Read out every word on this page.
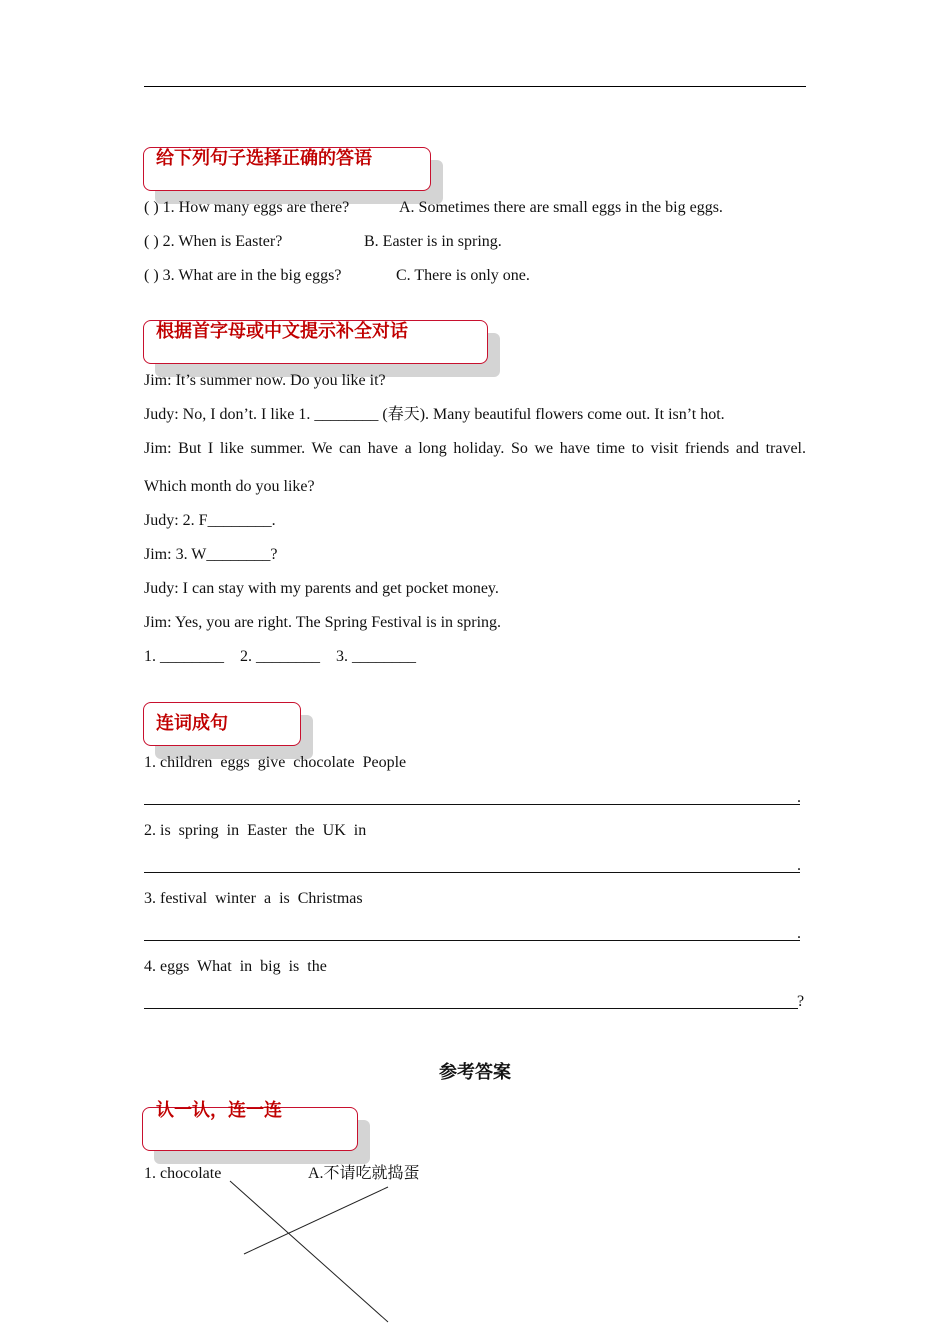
给下列句子选择正确的答语
( ) 1. How many eggs are there?	A. Sometimes there are small eggs in the big eggs.
( ) 2. When is Easter?	B. Easter is in spring.
( ) 3. What are in the big eggs?	C. There is only one.
根据首字母或中文提示补全对话
Jim: It’s summer now. Do you like it?
Judy: No, I don’t. I like 1. ________ (春天). Many beautiful flowers come out. It isn’t hot.
Jim: But I like summer. We can have a long holiday. So we have time to visit friends and travel.
Which month do you like?
Judy: 2. F________.
Jim: 3. W________?
Judy: I can stay with my parents and get pocket money.
Jim: Yes, you are right. The Spring Festival is in spring.
1. ________    2. ________    3. ________
连词成句
1. children  eggs  give  chocolate  People
.
2. is  spring  in  Easter  the  UK  in
.
3. festival  winter  a  is  Christmas
.
4. eggs  What  in  big  is  the
?
参考答案
认一认，连一连
1. chocolate	A.不请吃就捣蛋
